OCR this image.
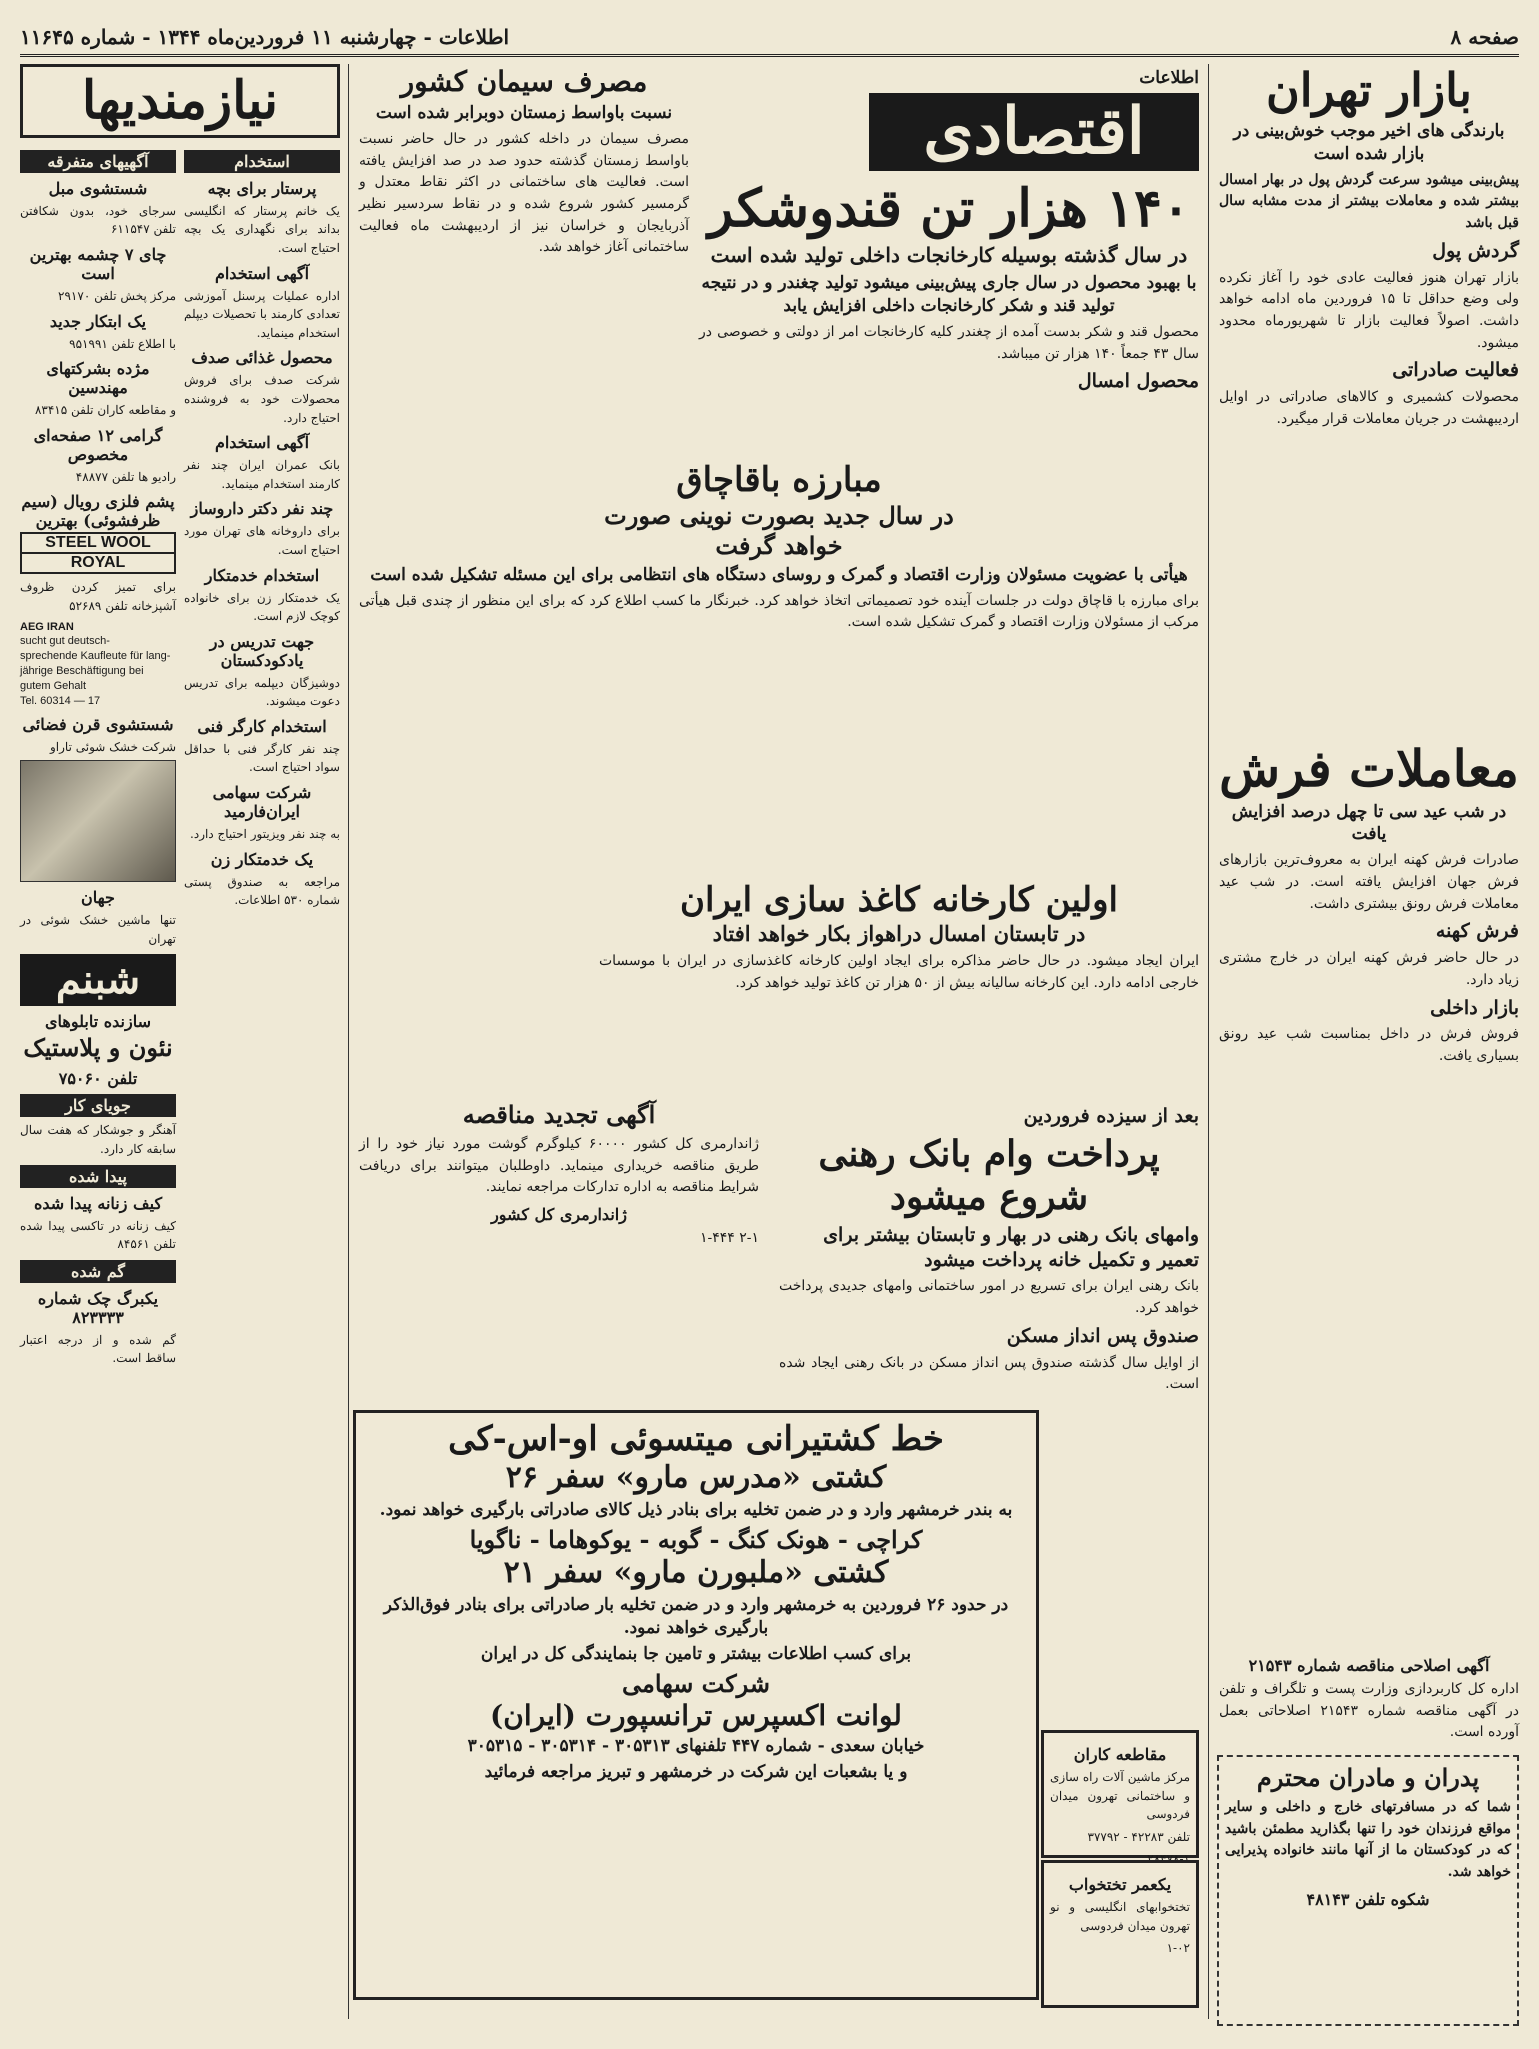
صفحه ۸
اطلاعات - چهارشنبه ۱۱ فروردین‌ماه ۱۳۴۴ - شماره ۱۱۶۴۵
بازار تهران
بارندگی های اخیر موجب خوش‌بینی در بازار شده است

پیش‌بینی میشود سرعت گردش پول در بهار امسال بیشتر شده و معاملات بیشتر از مدت مشابه سال قبل باشد

گردش پول

بازار تهران هنوز فعالیت عادی خود را آغاز نکرده ولی وضع حداقل تا ۱۵ فروردین ماه ادامه خواهد داشت. اصولاً فعالیت بازار تا شهریورماه محدود میشود.

فعالیت صادراتی

محصولات کشمیری و کالاهای صادراتی در اوایل اردیبهشت در جریان معاملات قرار میگیرد.

معاملات فرش
در شب عید سی تا چهل درصد افزایش یافت

صادرات فرش کهنه ایران به معروف‌ترین بازارهای فرش جهان افزایش یافته است. در شب عید معاملات فرش رونق بیشتری داشت.

فرش کهنه

در حال حاضر فرش کهنه ایران در خارج مشتری زیاد دارد.

بازار داخلی

فروش فرش در داخل بمناسبت شب عید رونق بسیاری یافت.

آگهی اصلاحی مناقصه شماره ۲۱۵۴۳

اداره کل کاربردازی وزارت پست و تلگراف و تلفن در آگهی مناقصه شماره ۲۱۵۴۳ اصلاحاتی بعمل آورده است.

پدران و مادران محترم

شما که در مسافرتهای خارج و داخلی و سایر مواقع فرزندان خود را تنها بگذارید مطمئن باشید که در کودکستان ما از آنها مانند خانواده پذیرایی خواهد شد.

شکوه تلفن ۴۸۱۴۳
اطلاعات
اقتصادی
۱۴۰ هزار تن قندوشکر
در سال گذشته بوسیله کارخانجات داخلی تولید شده است
با بهبود محصول در سال جاری پیش‌بینی میشود تولید چغندر و در نتیجه تولید قند و شکر کارخانجات داخلی افزایش یابد

محصول قند و شکر بدست آمده از چغندر کلیه کارخانجات امر از دولتی و خصوصی در سال ۴۳ جمعاً ۱۴۰ هزار تن میباشد.

محصول امسال
مصرف سیمان کشور
نسبت باواسط زمستان دوبرابر شده است

مصرف سیمان در داخله کشور در حال حاضر نسبت باواسط زمستان گذشته حدود صد در صد افزایش یافته است. فعالیت های ساختمانی در اکثر نقاط معتدل و گرمسیر کشور شروع شده و در نقاط سردسیر نظیر آذربایجان و خراسان نیز از اردیبهشت ماه فعالیت ساختمانی آغاز خواهد شد.

مبارزه باقاچاق
در سال جدید بصورت نوینی صورت
خواهد گرفت
هیأتی با عضویت مسئولان وزارت اقتصاد و گمرک و روسای دستگاه های انتظامی برای این مسئله تشکیل شده است

برای مبارزه با قاچاق دولت در جلسات آینده خود تصمیماتی اتخاذ خواهد کرد. خبرنگار ما کسب اطلاع کرد که برای این منظور از چندی قبل هیأتی مرکب از مسئولان وزارت اقتصاد و گمرک تشکیل شده است.

اولین کارخانه کاغذ سازی ایران
در تابستان امسال دراهواز بکار خواهد افتاد

ایران ایجاد میشود. در حال حاضر مذاکره برای ایجاد اولین کارخانه کاغذسازی در ایران با موسسات خارجی ادامه دارد. این کارخانه سالیانه بیش از ۵۰ هزار تن کاغذ تولید خواهد کرد.

بعد از سیزده فروردین
پرداخت وام بانک رهنی
شروع میشود
وامهای بانک رهنی در بهار و تابستان بیشتر برای تعمیر و تکمیل خانه پرداخت میشود

بانک رهنی ایران برای تسریع در امور ساختمانی وامهای جدیدی پرداخت خواهد کرد.

صندوق پس انداز مسکن

از اوایل سال گذشته صندوق پس انداز مسکن در بانک رهنی ایجاد شده است.

مقاطعه کاران
مرکز ماشین آلات راه سازی و ساختمانی تهرون میدان فردوسی
تلفن ۴۲۲۸۳ - ۳۷۷۹۲
۲۸۴۷۸-۱
یکعمر تختخواب
تختخوابهای انگلیسی و نو تهرون میدان فردوسی
۱-۰۲
آگهی تجدید مناقصه

ژاندارمری کل کشور ۶۰۰۰۰ کیلوگرم گوشت مورد نیاز خود را از طریق مناقصه خریداری مینماید. داوطلبان میتوانند برای دریافت شرایط مناقصه به اداره تدارکات مراجعه نمایند.

ژاندارمری کل کشور
۲-۱ ۱-۴۴۴
خط کشتیرانی میتسوئی او-اس-کی
کشتی «مدرس مارو» سفر ۲۶
به بندر خرمشهر وارد و در ضمن تخلیه برای بنادر ذیل کالای صادراتی بارگیری خواهد نمود.
کراچی - هونک کنگ - گوبه - یوکوهاما - ناگویا
کشتی «ملبورن مارو» سفر ۲۱
در حدود ۲۶ فروردین به خرمشهر وارد و در ضمن تخلیه بار صادراتی برای بنادر فوق‌الذکر بارگیری خواهد نمود.
برای کسب اطلاعات بیشتر و تامین جا بنمایندگی کل در ایران
شرکت سهامی
لوانت اکسپرس ترانسپورت (ایران)
خیابان سعدی - شماره ۴۴۷ تلفنهای ۳۰۵۳۱۳ - ۳۰۵۳۱۴ - ۳۰۵۳۱۵
و یا بشعبات این شرکت در خرمشهر و تبریز مراجعه فرمائید
نیازمندیها
استخدام
پرستار برای بچه
یک خانم پرستار که انگلیسی بداند برای نگهداری یک بچه احتیاج است.
آگهی استخدام
اداره عملیات پرسنل آموزشی تعدادی کارمند با تحصیلات دیپلم استخدام مینماید.
محصول غذائی صدف
شرکت صدف برای فروش محصولات خود به فروشنده احتیاج دارد.
آگهی استخدام
بانک عمران ایران چند نفر کارمند استخدام مینماید.
چند نفر دکتر داروساز
برای داروخانه های تهران مورد احتیاج است.
استخدام خدمتکار
یک خدمتکار زن برای خانواده کوچک لازم است.
جهت تدریس در یادکودکستان
دوشیزگان دیپلمه برای تدریس دعوت میشوند.
استخدام کارگر فنی
چند نفر کارگر فنی با حداقل سواد احتیاج است.
شرکت سهامی ایران‌فارمید
به چند نفر ویزیتور احتیاج دارد.
یک خدمتکار زن
مراجعه به صندوق پستی شماره ۵۳۰ اطلاعات.
آگهیهای متفرقه
شستشوی مبل
سرجای خود، بدون شکافتن تلفن ۶۱۱۵۴۷
چای ۷ چشمه بهترین است
مرکز پخش تلفن ۲۹۱۷۰
یک ابتکار جدید
با اطلاع تلفن ۹۵۱۹۹۱
مژده بشرکتهای مهندسین
و مقاطعه کاران تلفن ۸۳۴۱۵
گرامی ۱۲ صفحه‌ای مخصوص
رادیو ها تلفن ۴۸۸۷۷
پشم فلزی رویال (سیم ظرفشوئی) بهترین
STEEL WOOL
ROYAL
برای تمیز کردن ظروف آشپزخانه تلفن ۵۲۶۸۹
AEG IRAN
sucht gut deutsch-
sprechende Kaufleute für lang-
jährige Beschäftigung bei
gutem Gehalt
Tel. 60314 — 17
شستشوی قرن فضائی
شرکت خشک شوئی تاراو
جهان
تنها ماشین خشک شوئی در تهران
شبنم
سازنده تابلوهای
نئون و پلاستیک
تلفن ۷۵۰۶۰
جویای کار
آهنگر و جوشکار که هفت سال سابقه کار دارد.
پیدا شده
کیف زنانه پیدا شده
کیف زنانه در تاکسی پیدا شده تلفن ۸۴۵۶۱
گم شده
یکبرگ چک شماره ۸۲۳۳۳۳
گم شده و از درجه اعتبار ساقط است.
